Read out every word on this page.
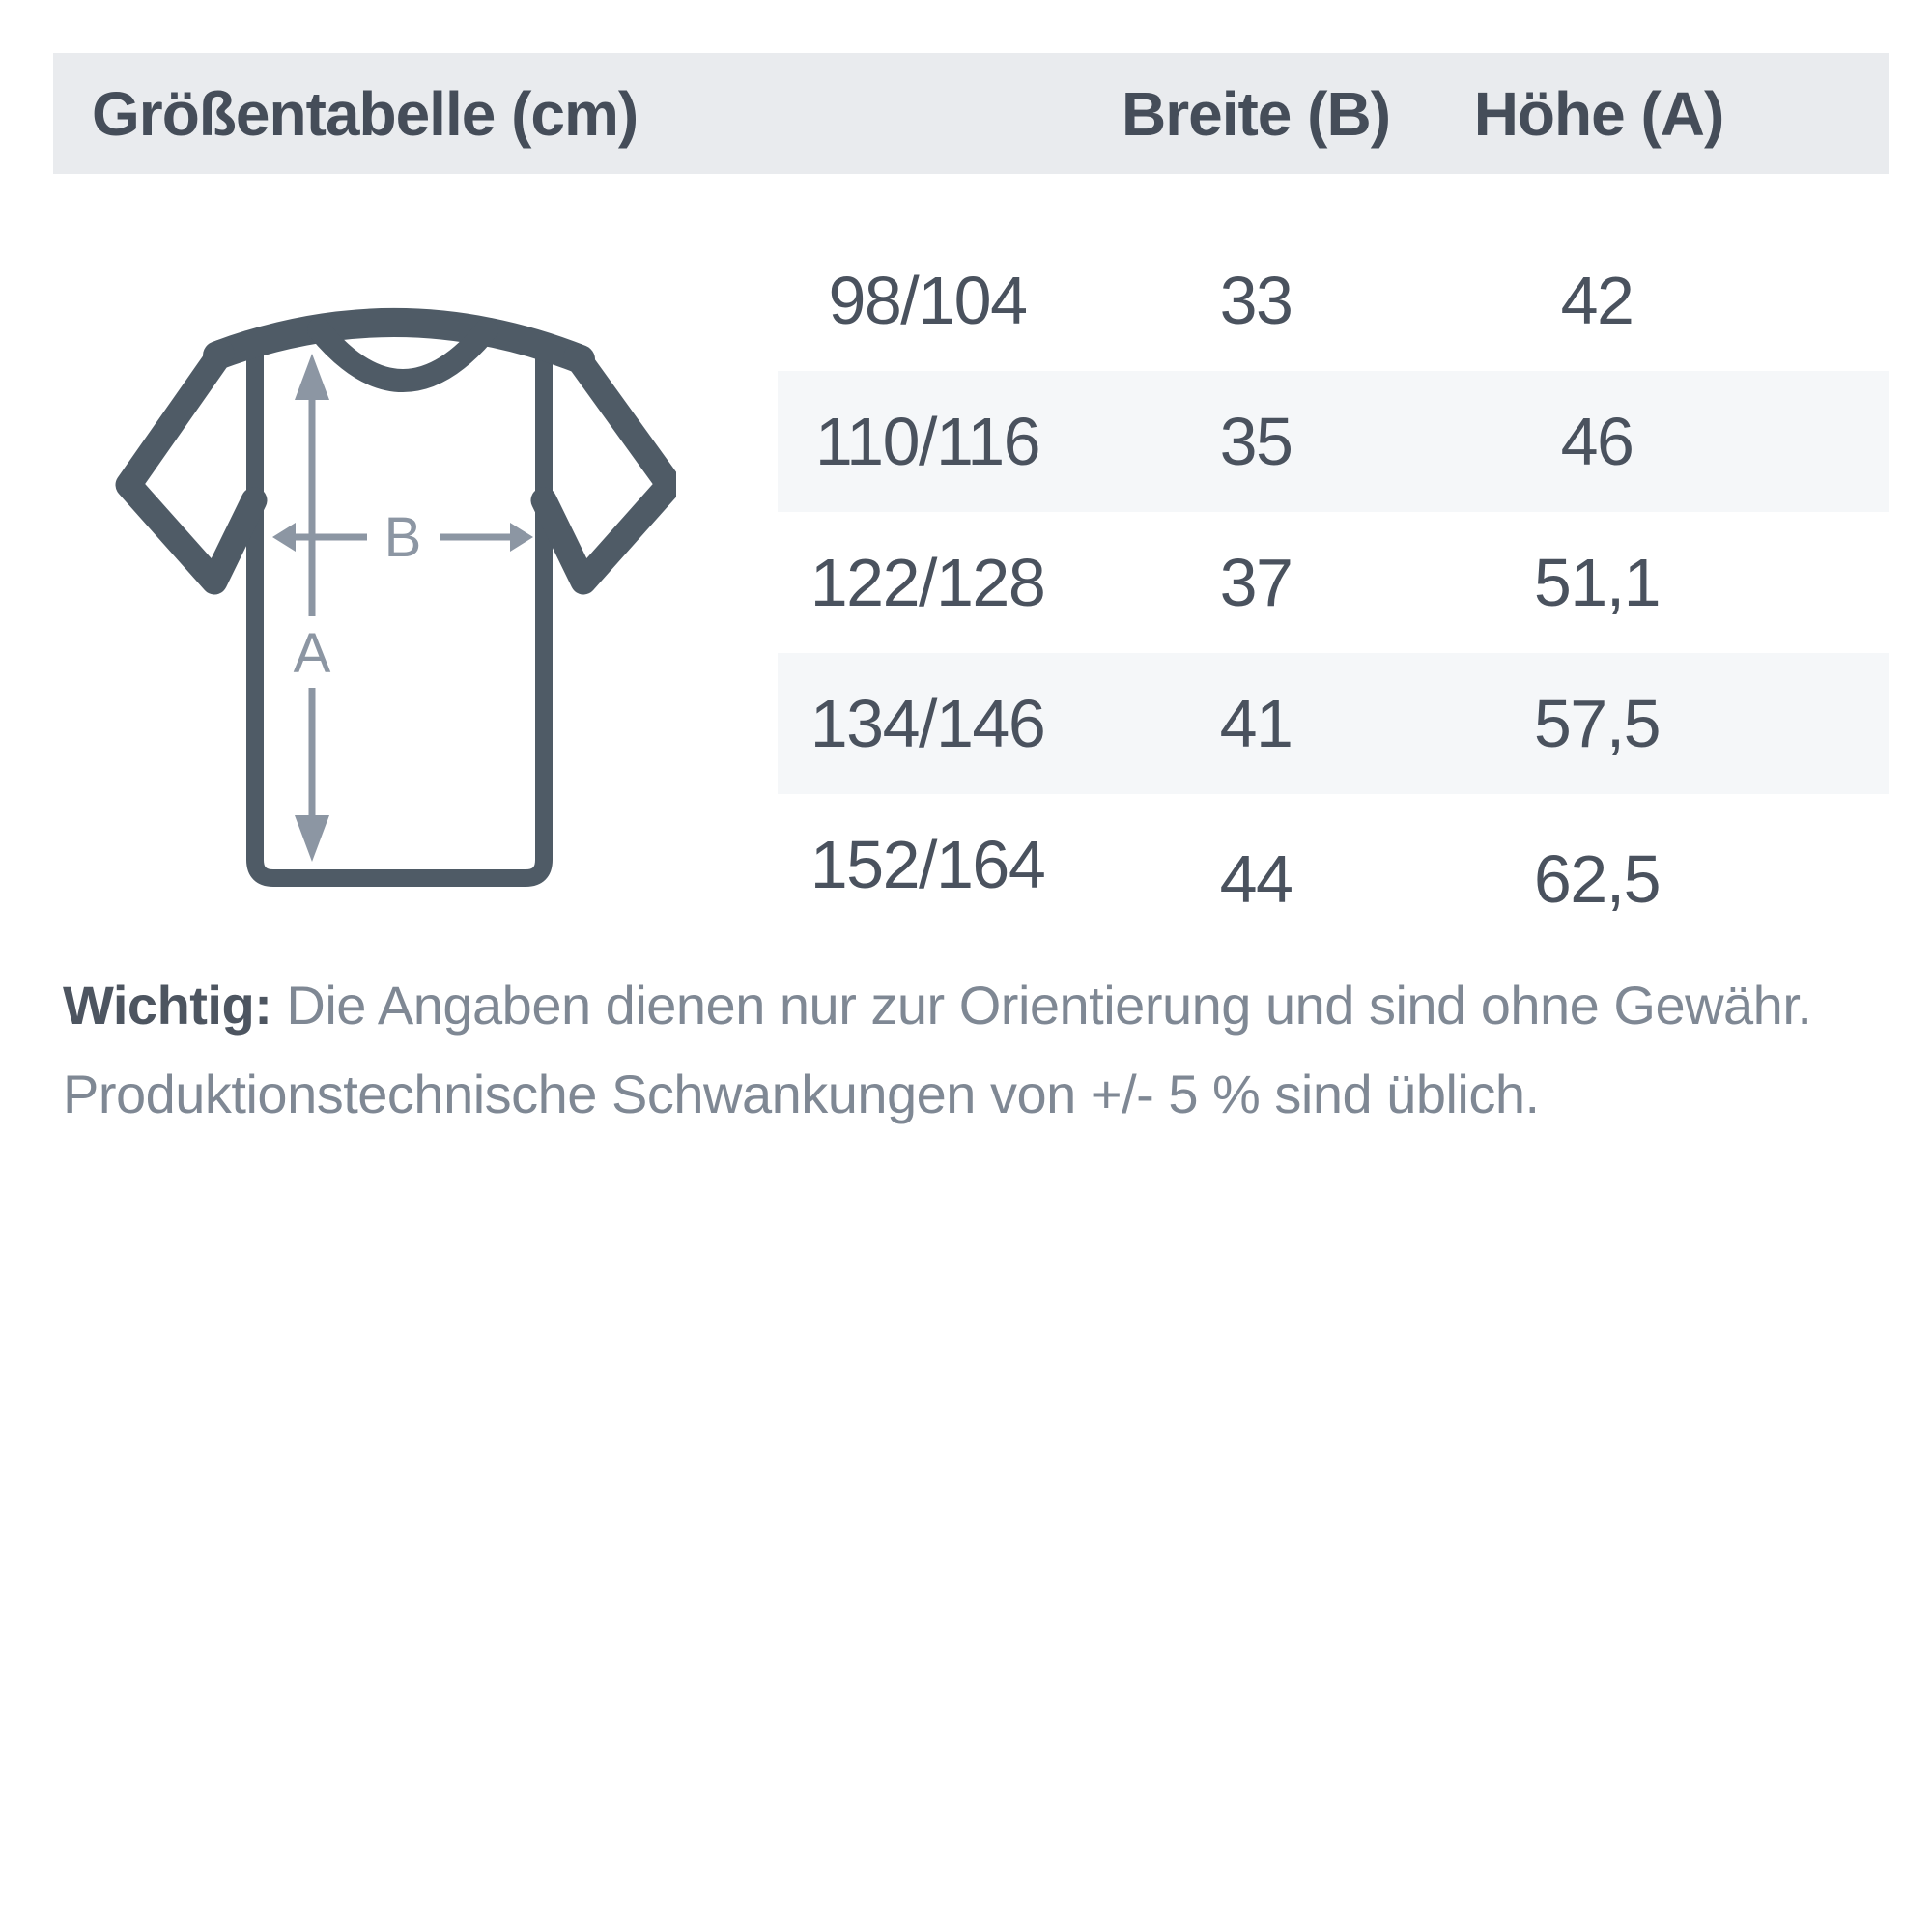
Größentabelle (cm)	Breite (B)	Höhe (A)
A
B
98/104	33	42
110/116	35	46
122/128	37	51,1
134/146	41	57,5
152/164	44	62,5
Wichtig: Die Angaben dienen nur zur Orientierung und sind ohne Gewähr.
Produktionstechnische Schwankungen von +/- 5 % sind üblich.
